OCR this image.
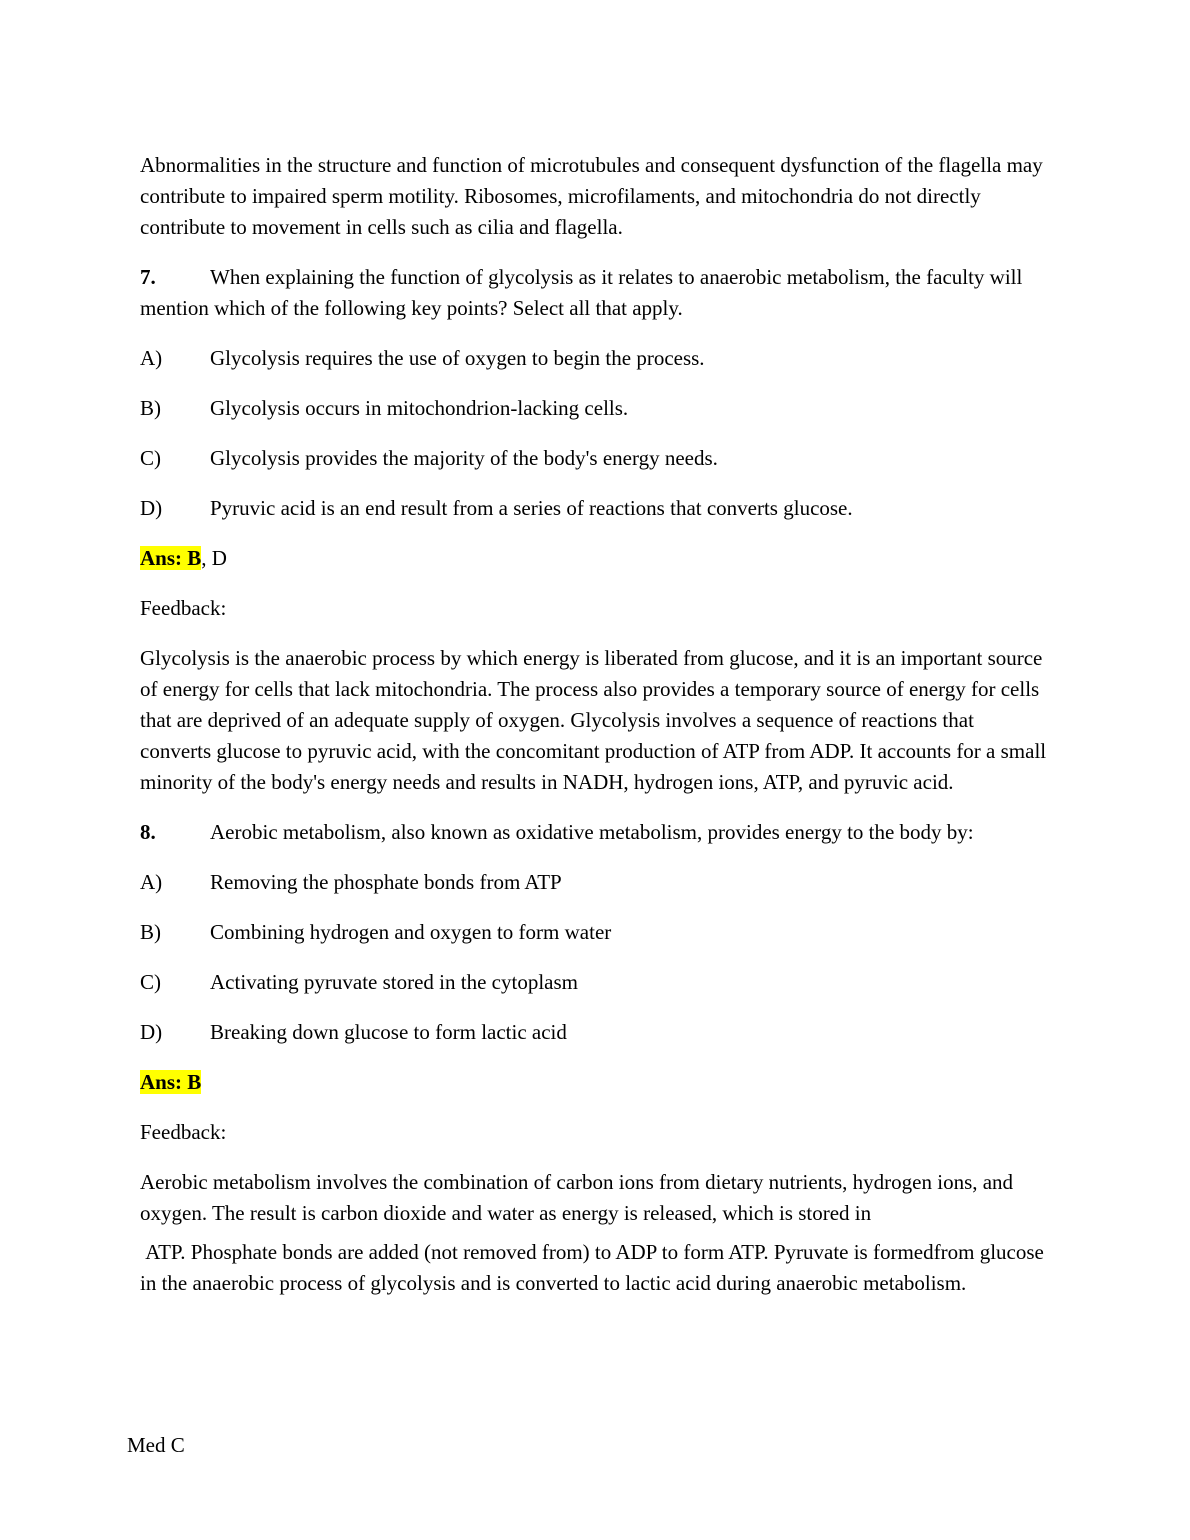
Abnormalities in the structure and function of microtubules and consequent dysfunction of the flagella may contribute to impaired sperm motility. Ribosomes, microfilaments, and mitochondria do not directly contribute to movement in cells such as cilia and flagella.

7.	When explaining the function of glycolysis as it relates to anaerobic metabolism, the faculty will mention which of the following key points? Select all that apply.
A)	Glycolysis requires the use of oxygen to begin the process.
B)	Glycolysis occurs in mitochondrion-lacking cells.
C)	Glycolysis provides the majority of the body's energy needs.
D)	Pyruvic acid is an end result from a series of reactions that converts glucose.

Ans: B, D

Feedback:

Glycolysis is the anaerobic process by which energy is liberated from glucose, and it is an important source of energy for cells that lack mitochondria. The process also provides a temporary source of energy for cells that are deprived of an adequate supply of oxygen. Glycolysis involves a sequence of reactions that converts glucose to pyruvic acid, with the concomitant production of ATP from ADP. It accounts for a small minority of the body's energy needs and results in NADH, hydrogen ions, ATP, and pyruvic acid.

8.	Aerobic metabolism, also known as oxidative metabolism, provides energy to the body by:
A)	Removing the phosphate bonds from ATP
B)	Combining hydrogen and oxygen to form water
C)	Activating pyruvate stored in the cytoplasm
D)	Breaking down glucose to form lactic acid

Ans: B

Feedback:

Aerobic metabolism involves the combination of carbon ions from dietary nutrients, hydrogen ions, and oxygen. The result is carbon dioxide and water as energy is released, which is stored in

ATP. Phosphate bonds are added (not removed from) to ADP to form ATP. Pyruvate is formedfrom glucose in the anaerobic process of glycolysis and is converted to lactic acid during anaerobic metabolism.

Med C
